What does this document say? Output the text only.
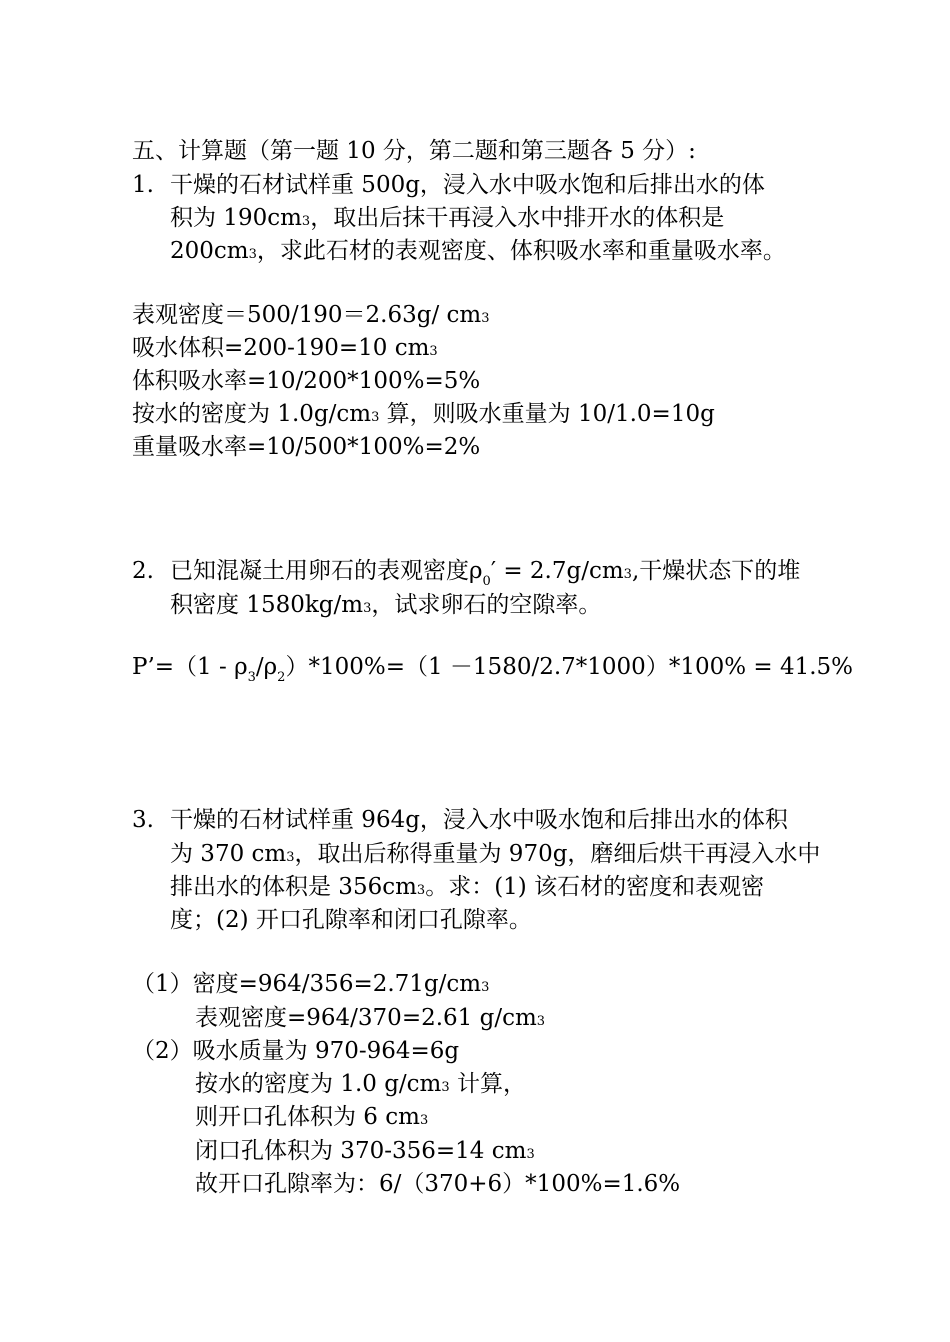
五、计算题（第一题 10 分，第二题和第三题各 5 分）:
1. 干燥的石材试样重 500g，浸入水中吸水饱和后排出水的体
积为 190cm3，取出后抹干再浸入水中排开水的体积是
200cm3，求此石材的表观密度、体积吸水率和重量吸水率。
表观密度＝500/190＝2.63g/ cm3
吸水体积=200-190=10 cm3
体积吸水率=10/200*100%=5%
按水的密度为 1.0g/cm3 算，则吸水重量为 10/1.0=10g
重量吸水率=10/500*100%=2%
2. 已知混凝土用卵石的表观密度$\rho_0' = 2.7g/cm3$,干燥状态下的堆
积密度 1580kg/m3，试求卵石的空隙率。
P’=（1 - $\rho_3/\rho_2)*100\%=(1 -1580/2.7*1000)*100\% = 41.5\%$
3. 干燥的石材试样重 964g，浸入水中吸水饱和后排出水的体积
为 370 cm3，取出后称得重量为 970g，磨细后烘干再浸入水中
排出水的体积是 356cm3。求：(1) 该石材的密度和表观密
度；(2) 开口孔隙率和闭口孔隙率。
（1）密度=964/356=2.71g/cm3
表观密度=964/370=2.61 g/cm3
（2）吸水质量为 970-964=6g
按水的密度为 1.0 g/cm3 计算，
则开口孔体积为 6 cm3
闭口孔体积为 370-356=14 cm3
故开口孔隙率为：6/（370+6）*100%=1.6%
